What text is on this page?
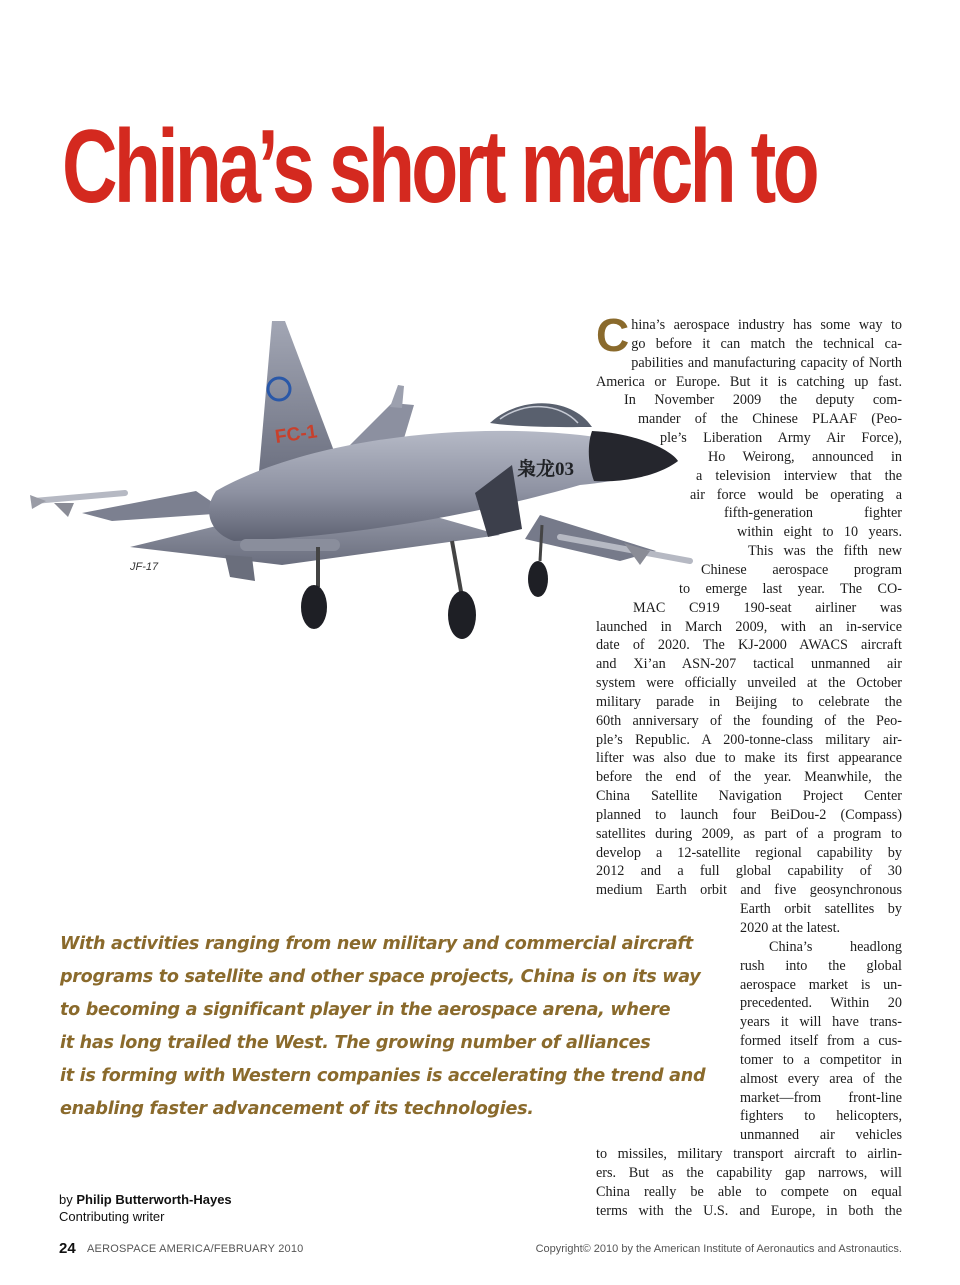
China’s short march to
FC-1
枭龙03
JF-17
C hina’s aerospace industry has some way to
go before it can match the technical ca-
pabilities and manufacturing capacity of North
America or Europe. But it is catching up fast.
In November 2009 the deputy com-
mander of the Chinese PLAAF (Peo-
ple’s Liberation Army Air Force),
Ho Weirong, announced in
a television interview that the
air force would be operating a
fifth-generation fighter
within eight to 10 years.
This was the fifth new
Chinese aerospace program
to emerge last year. The CO-
MAC C919 190-seat airliner was
launched in March 2009, with an in-service
date of 2020. The KJ-2000 AWACS aircraft
and Xi’an ASN-207 tactical unmanned air
system were officially unveiled at the October
military parade in Beijing to celebrate the
60th anniversary of the founding of the Peo-
ple’s Republic. A 200-tonne-class military air-
lifter was also due to make its first appearance
before the end of the year. Meanwhile, the
China Satellite Navigation Project Center
planned to launch four BeiDou-2 (Compass)
satellites during 2009, as part of a program to
develop a 12-satellite regional capability by
2012 and a full global capability of 30
medium Earth orbit and five geosynchronous
Earth orbit satellites by
2020 at the latest.
China’s headlong
rush into the global
aerospace market is un-
precedented. Within 20
years it will have trans-
formed itself from a cus-
tomer to a competitor in
almost every area of the
market—from front-line
fighters to helicopters,
unmanned air vehicles
to missiles, military transport aircraft to airlin-
ers. But as the capability gap narrows, will
China really be able to compete on equal
terms with the U.S. and Europe, in both the
With activities ranging from new military and commercial aircraft
programs to satellite and other space projects, China is on its way
to becoming a significant player in the aerospace arena, where
it has long trailed the West. The growing number of alliances
it is forming with Western companies is accelerating the trend and
enabling faster advancement of its technologies.
by Philip Butterworth-Hayes
Contributing writer
24 AEROSPACE AMERICA/FEBRUARY 2010	Copyright© 2010 by the American Institute of Aeronautics and Astronautics.
